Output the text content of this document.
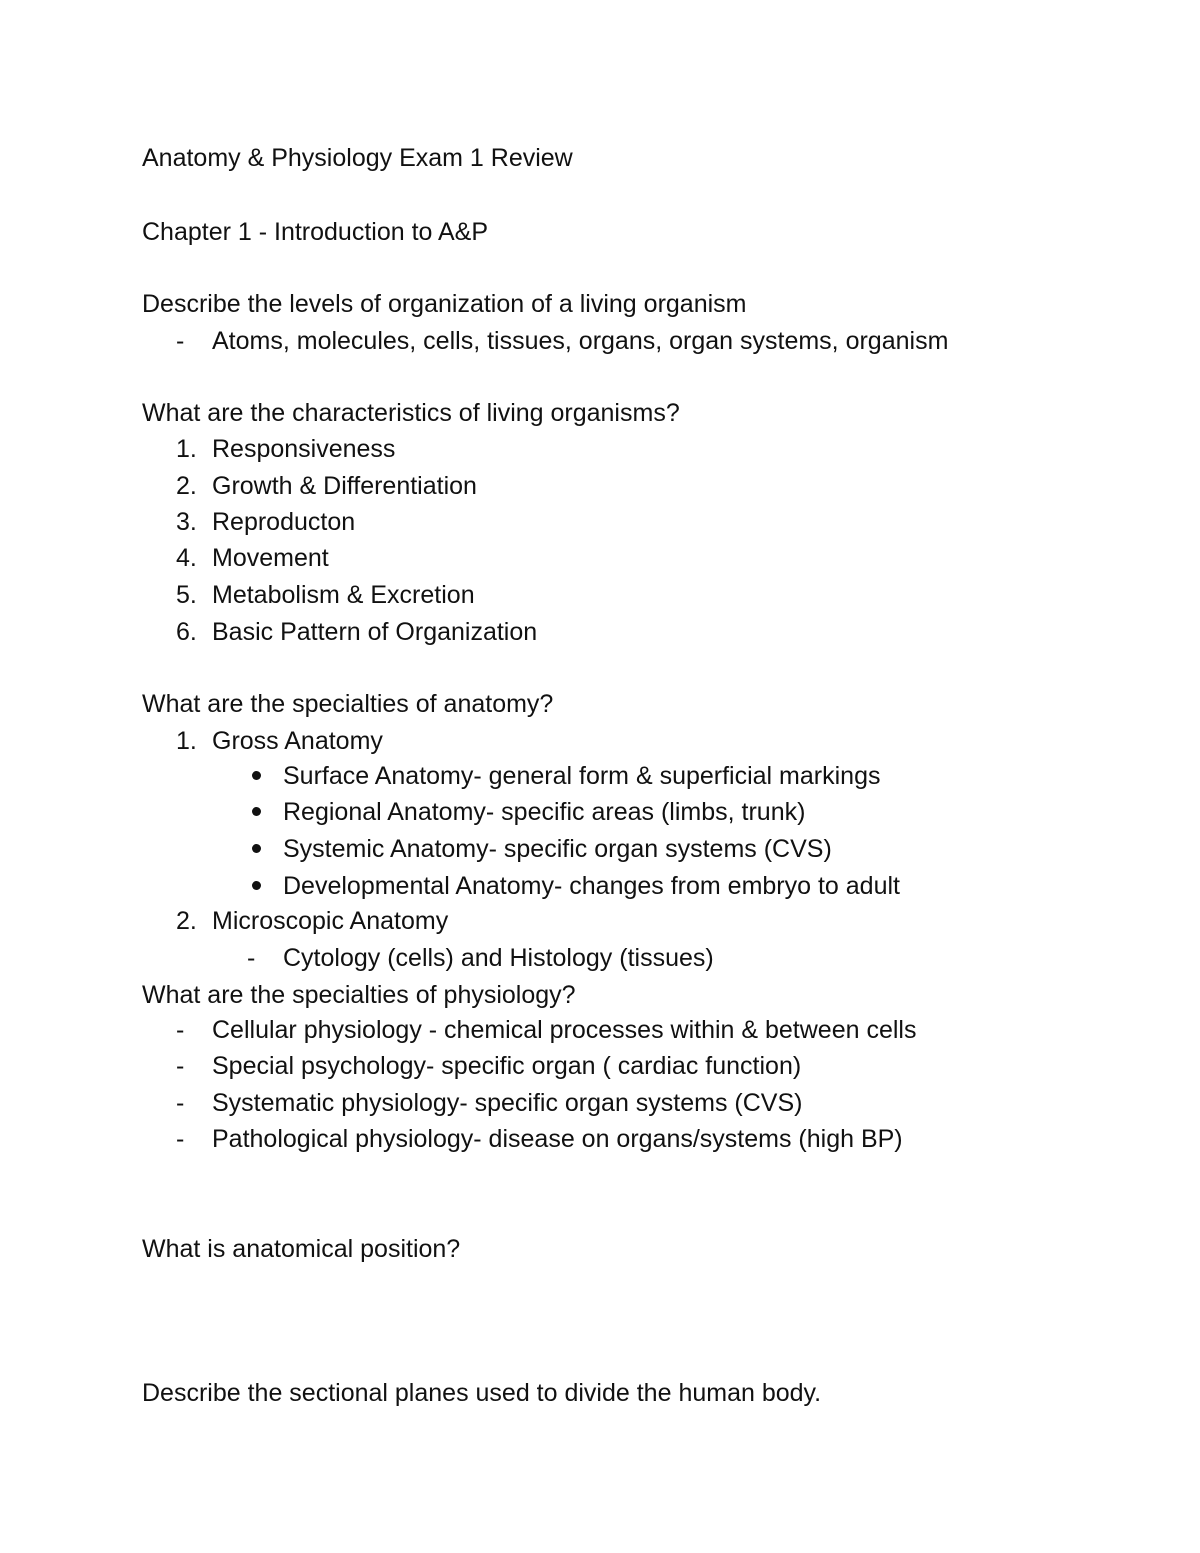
Anatomy & Physiology Exam 1 Review
Chapter 1 - Introduction to A&P
Describe the levels of organization of a living organism
- Atoms, molecules, cells, tissues, organs, organ systems, organism
What are the characteristics of living organisms?
1. Responsiveness
2. Growth & Differentiation
3. Reproducton
4. Movement
5. Metabolism & Excretion
6. Basic Pattern of Organization
What are the specialties of anatomy?
1. Gross Anatomy
Surface Anatomy- general form & superficial markings
Regional Anatomy- specific areas (limbs, trunk)
Systemic Anatomy- specific organ systems (CVS)
Developmental Anatomy- changes from embryo to adult
2. Microscopic Anatomy
- Cytology (cells) and Histology (tissues)
What are the specialties of physiology?
- Cellular physiology - chemical processes within & between cells
- Special psychology- specific organ ( cardiac function)
- Systematic physiology- specific organ systems (CVS)
- Pathological physiology- disease on organs/systems (high BP)
What is anatomical position?
Describe the sectional planes used to divide the human body.
